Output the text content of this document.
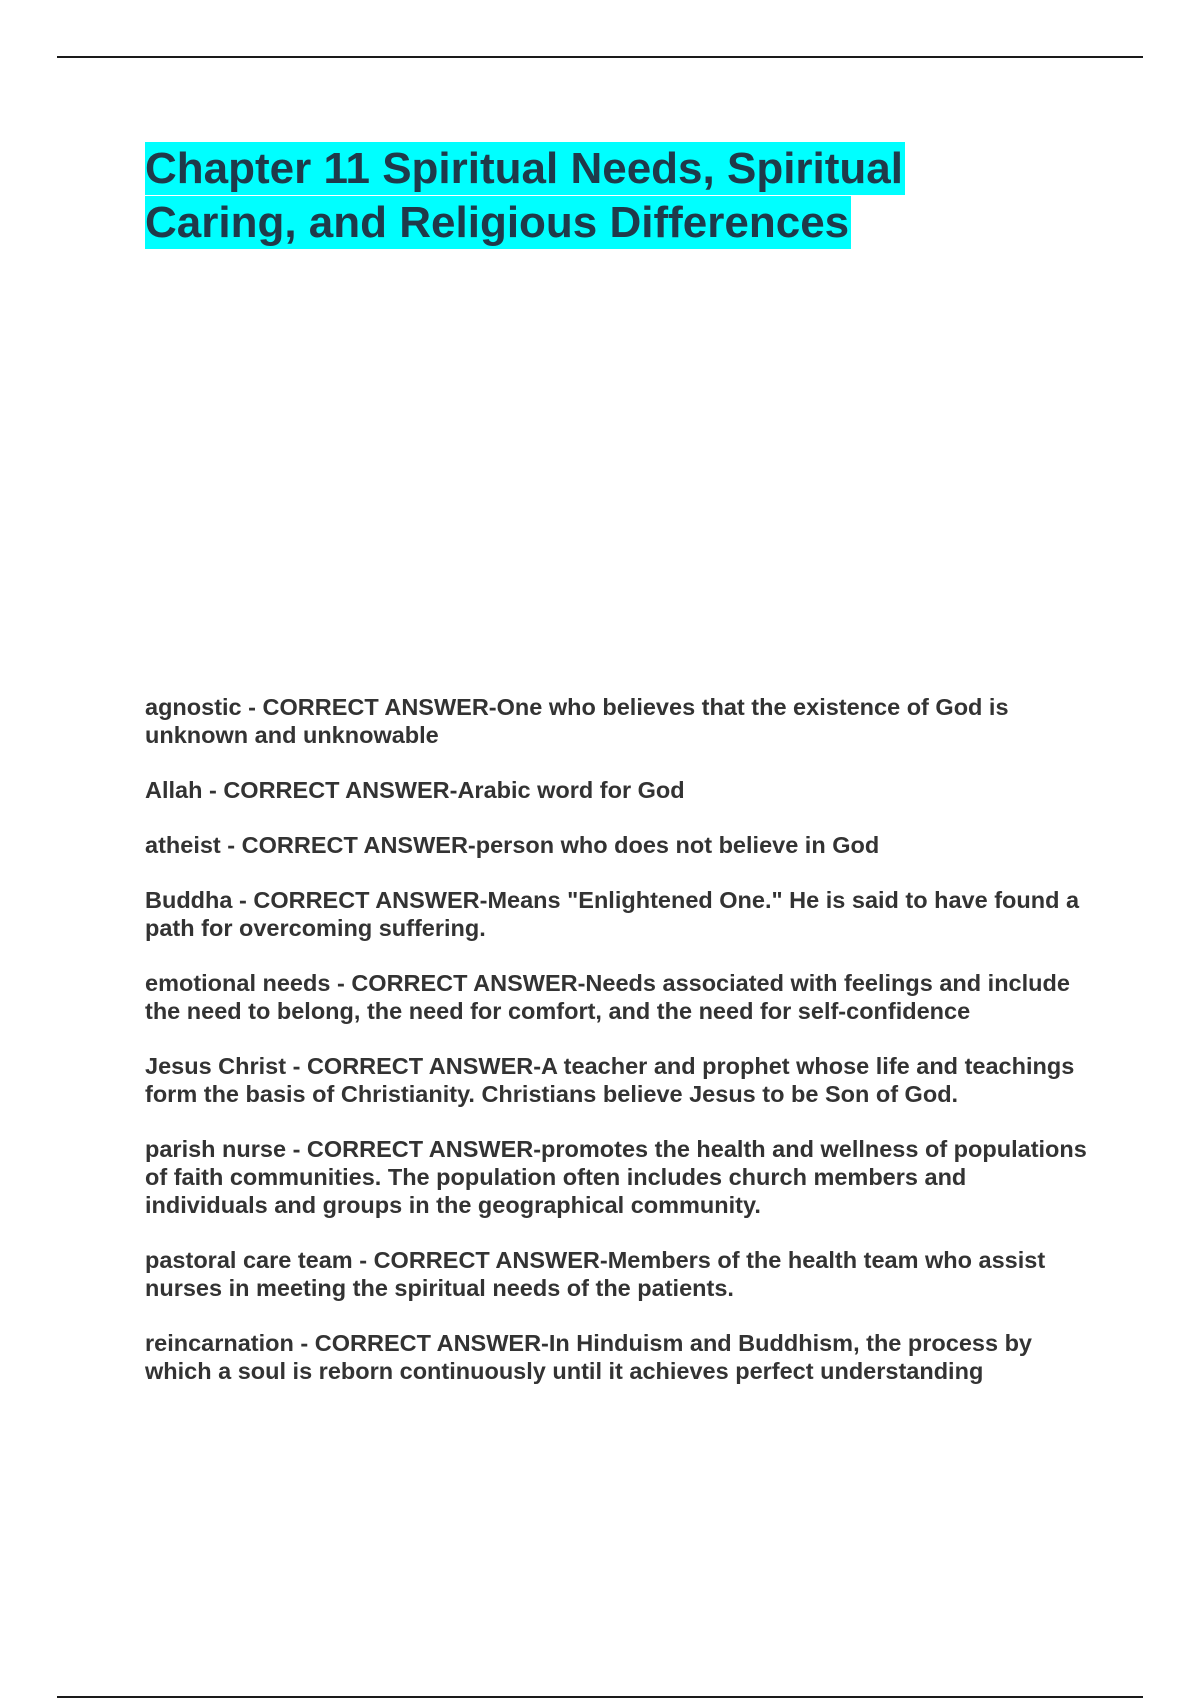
Chapter 11 Spiritual Needs, Spiritual
Caring, and Religious Differences
agnostic - CORRECT ANSWER-One who believes that the existence of God is unknown and unknowable
Allah - CORRECT ANSWER-Arabic word for God
atheist - CORRECT ANSWER-person who does not believe in God
Buddha - CORRECT ANSWER-Means "Enlightened One." He is said to have found a path for overcoming suffering.
emotional needs - CORRECT ANSWER-Needs associated with feelings and include the need to belong, the need for comfort, and the need for self-confidence
Jesus Christ - CORRECT ANSWER-A teacher and prophet whose life and teachings form the basis of Christianity. Christians believe Jesus to be Son of God.
parish nurse - CORRECT ANSWER-promotes the health and wellness of populations of faith communities. The population often includes church members and individuals and groups in the geographical community.
pastoral care team - CORRECT ANSWER-Members of the health team who assist nurses in meeting the spiritual needs of the patients.
reincarnation - CORRECT ANSWER-In Hinduism and Buddhism, the process by which a soul is reborn continuously until it achieves perfect understanding
